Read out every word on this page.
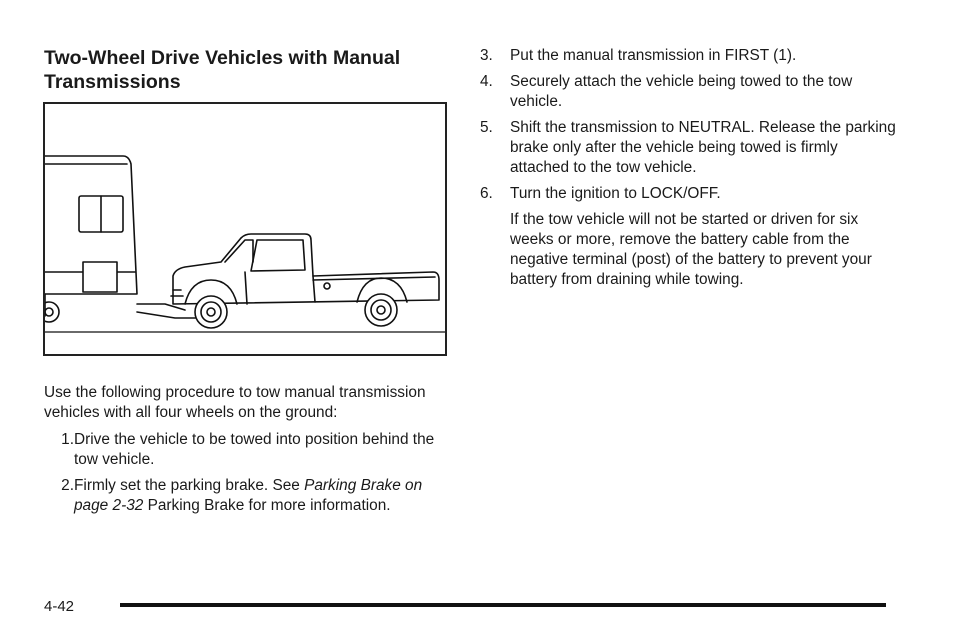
Two-Wheel Drive Vehicles with Manual Transmissions

Use the following procedure to tow manual transmission vehicles with all four wheels on the ground:

1. Drive the vehicle to be towed into position behind the tow vehicle.
2. Firmly set the parking brake. See Parking Brake on page 2-32 Parking Brake for more information.
3.	Put the manual transmission in FIRST (1).
4.	Securely attach the vehicle being towed to the tow vehicle.
5.	Shift the transmission to NEUTRAL. Release the parking brake only after the vehicle being towed is firmly attached to the tow vehicle.
6.	Turn the ignition to LOCK/OFF.

If the tow vehicle will not be started or driven for six weeks or more, remove the battery cable from the negative terminal (post) of the battery to prevent your battery from draining while towing.

4-42
